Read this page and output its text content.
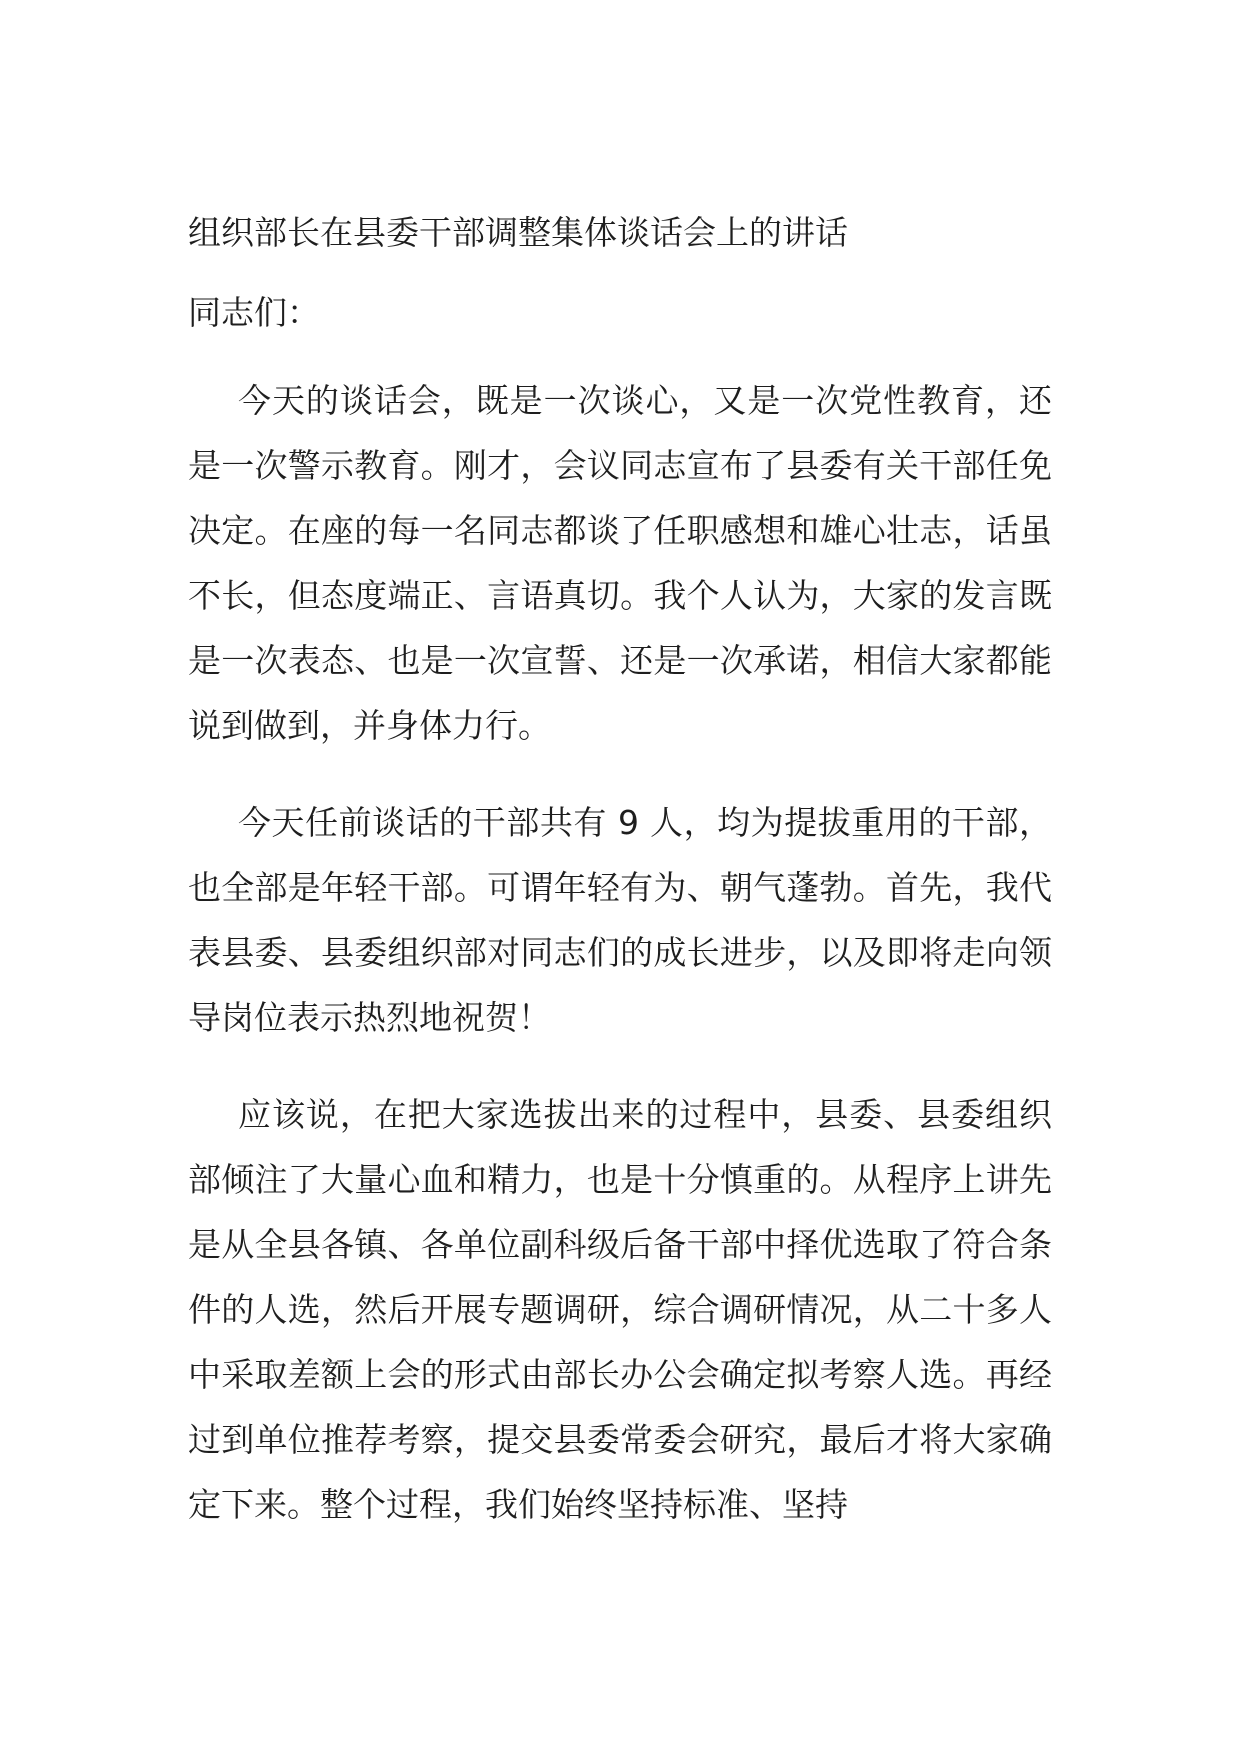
组织部长在县委干部调整集体谈话会上的讲话

同志们：

今天的谈话会，既是一次谈心，又是一次党性教育，还是一次警示教育。刚才，会议同志宣布了县委有关干部任免决定。在座的每一名同志都谈了任职感想和雄心壮志，话虽不长，但态度端正、言语真切。我个人认为，大家的发言既是一次表态、也是一次宣誓、还是一次承诺，相信大家都能说到做到，并身体力行。

今天任前谈话的干部共有 9 人，均为提拔重用的干部，也全部是年轻干部。可谓年轻有为、朝气蓬勃。首先，我代表县委、县委组织部对同志们的成长进步，以及即将走向领导岗位表示热烈地祝贺！

应该说，在把大家选拔出来的过程中，县委、县委组织部倾注了大量心血和精力，也是十分慎重的。从程序上讲先是从全县各镇、各单位副科级后备干部中择优选取了符合条件的人选，然后开展专题调研，综合调研情况，从二十多人中采取差额上会的形式由部长办公会确定拟考察人选。再经过到单位推荐考察，提交县委常委会研究，最后才将大家确定下来。整个过程，我们始终坚持标准、坚持
